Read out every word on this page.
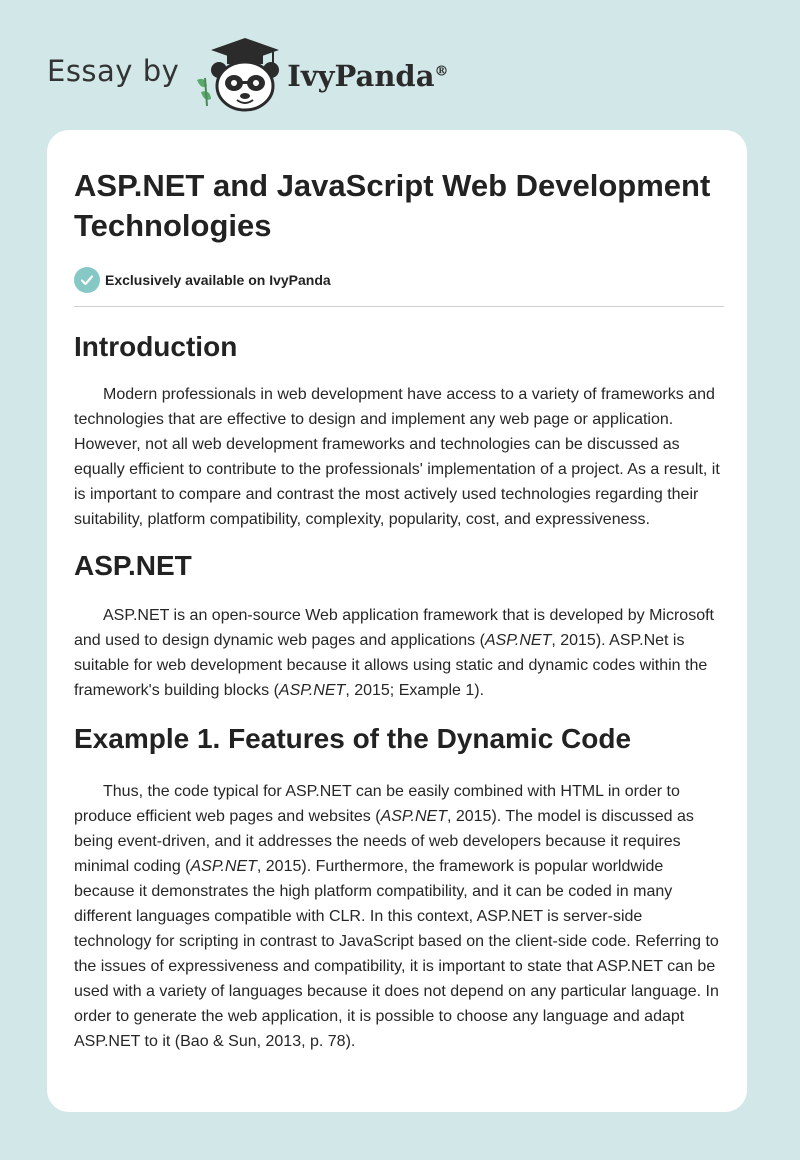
Essay by	IvyPanda®
ASP.NET and JavaScript Web Development Technologies
Exclusively available on IvyPanda
Introduction

Modern professionals in web development have access to a variety of frameworks and technologies that are effective to design and implement any web page or application. However, not all web development frameworks and technologies can be discussed as equally efficient to contribute to the professionals' implementation of a project. As a result, it is important to compare and contrast the most actively used technologies regarding their suitability, platform compatibility, complexity, popularity, cost, and expressiveness.

ASP.NET

ASP.NET is an open-source Web application framework that is developed by Microsoft and used to design dynamic web pages and applications (ASP.NET, 2015). ASP.Net is suitable for web development because it allows using static and dynamic codes within the framework's building blocks (ASP.NET, 2015; Example 1).

Example 1. Features of the Dynamic Code

Thus, the code typical for ASP.NET can be easily combined with HTML in order to produce efficient web pages and websites (ASP.NET, 2015). The model is discussed as being event-driven, and it addresses the needs of web developers because it requires minimal coding (ASP.NET, 2015). Furthermore, the framework is popular worldwide because it demonstrates the high platform compatibility, and it can be coded in many different languages compatible with CLR. In this context, ASP.NET is server-side technology for scripting in contrast to JavaScript based on the client-side code. Referring to the issues of expressiveness and compatibility, it is important to state that ASP.NET can be used with a variety of languages because it does not depend on any particular language. In order to generate the web application, it is possible to choose any language and adapt ASP.NET to it (Bao & Sun, 2013, p. 78).
